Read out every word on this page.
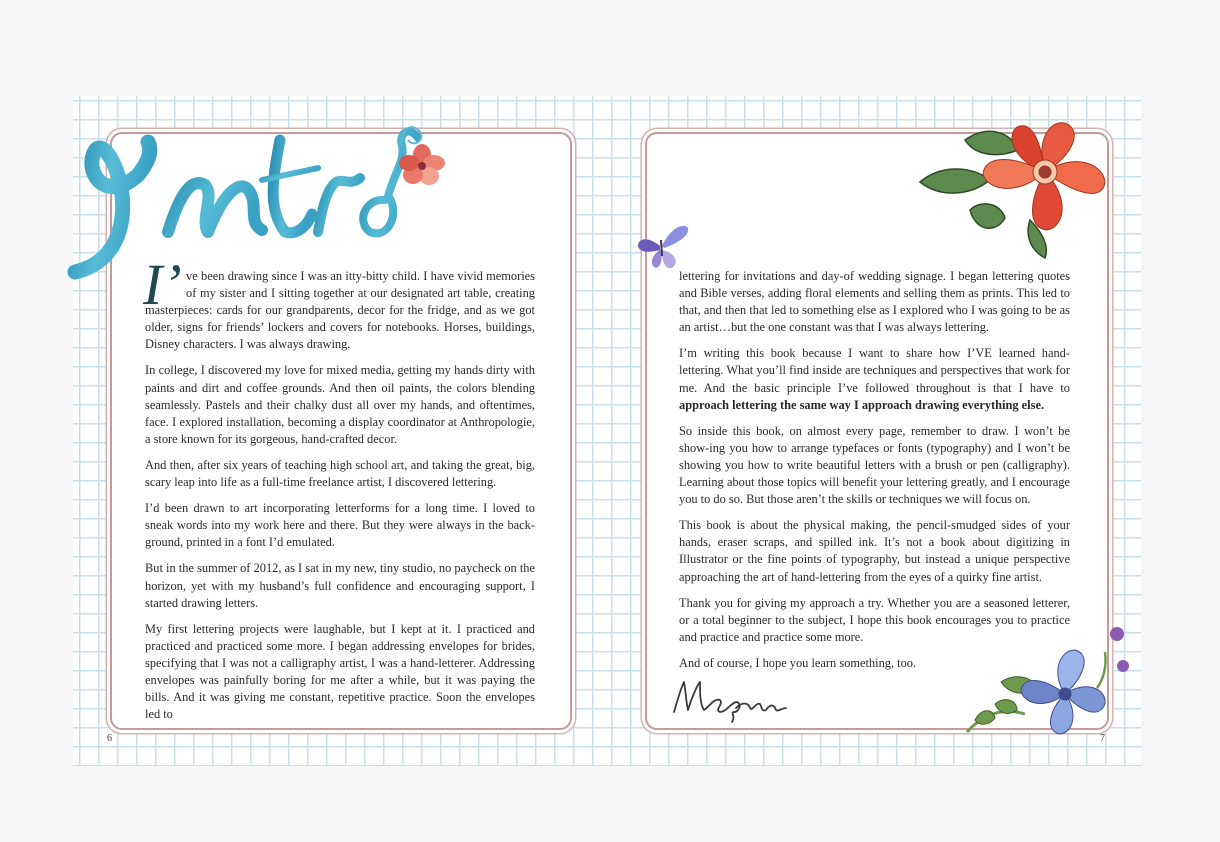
I’ ve been drawing since I was an itty-bitty child. I have vivid memories of my sister and I sitting together at our designated art table, creating masterpieces: cards for our grandparents, decor for the fridge, and as we got older, signs for friends’ lockers and covers for notebooks. Horses, buildings, Disney characters. I was always drawing.

In college, I discovered my love for mixed media, getting my hands dirty with paints and dirt and coffee grounds. And then oil paints, the colors blending seamlessly. Pastels and their chalky dust all over my hands, and oftentimes, face. I explored installation, becoming a display coordinator at Anthropologie, a store known for its gorgeous, hand-crafted decor.

And then, after six years of teaching high school art, and taking the great, big, scary leap into life as a full-time freelance artist, I discovered lettering.

I’d been drawn to art incorporating letterforms for a long time. I loved to sneak words into my work here and there. But they were always in the back-ground, printed in a font I’d emulated.

But in the summer of 2012, as I sat in my new, tiny studio, no paycheck on the horizon, yet with my husband’s full confidence and encouraging support, I started drawing letters.

My first lettering projects were laughable, but I kept at it. I practiced and practiced and practiced some more. I began addressing envelopes for brides, specifying that I was not a calligraphy artist, I was a hand-letterer. Addressing envelopes was painfully boring for me after a while, but it was paying the bills. And it was giving me constant, repetitive practice. Soon the envelopes led to

lettering for invitations and day-of wedding signage. I began lettering quotes and Bible verses, adding floral elements and selling them as prints. This led to that, and then that led to something else as I explored who I was going to be as an artist…but the one constant was that I was always lettering.

I’m writing this book because I want to share how I’VE learned hand-lettering. What you’ll find inside are techniques and perspectives that work for me. And the basic principle I’ve followed throughout is that I have to approach lettering the same way I approach drawing everything else.

So inside this book, on almost every page, remember to draw. I won’t be show-ing you how to arrange typefaces or fonts (typography) and I won’t be showing you how to write beautiful letters with a brush or pen (calligraphy). Learning about those topics will benefit your lettering greatly, and I encourage you to do so. But those aren’t the skills or techniques we will focus on.

This book is about the physical making, the pencil-smudged sides of your hands, eraser scraps, and spilled ink. It’s not a book about digitizing in Illustrator or the fine points of typography, but instead a unique perspective approaching the art of hand-lettering from the eyes of a quirky fine artist.

Thank you for giving my approach a try. Whether you are a seasoned letterer, or a total beginner to the subject, I hope this book encourages you to practice and practice and practice some more.

And of course, I hope you learn something, too.

6	7
